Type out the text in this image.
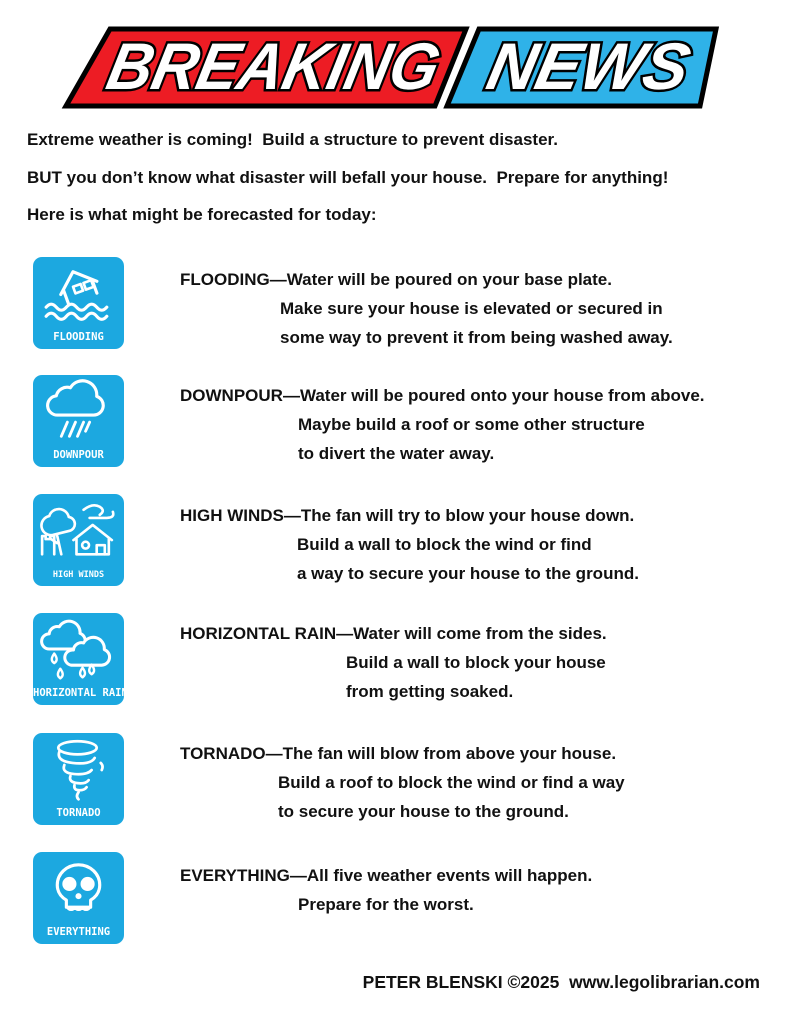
BREAKING NEWS
Extreme weather is coming!  Build a structure to prevent disaster.
BUT you don’t know what disaster will befall your house.  Prepare for anything!
Here is what might be forecasted for today:
FLOODING
FLOODING—Water will be poured on your base plate.
Make sure your house is elevated or secured in
some way to prevent it from being washed away.
DOWNPOUR
DOWNPOUR—Water will be poured onto your house from above.
Maybe build a roof or some other structure
to divert the water away.
HIGH WINDS
HIGH WINDS—The fan will try to blow your house down.
Build a wall to block the wind or find
a way to secure your house to the ground.
HORIZONTAL RAIN
HORIZONTAL RAIN—Water will come from the sides.
Build a wall to block your house
from getting soaked.
TORNADO
TORNADO—The fan will blow from above your house.
Build a roof to block the wind or find a way
to secure your house to the ground.
EVERYTHING
EVERYTHING—All five weather events will happen.
Prepare for the worst.
PETER BLENSKI ©2025  www.legolibrarian.com
